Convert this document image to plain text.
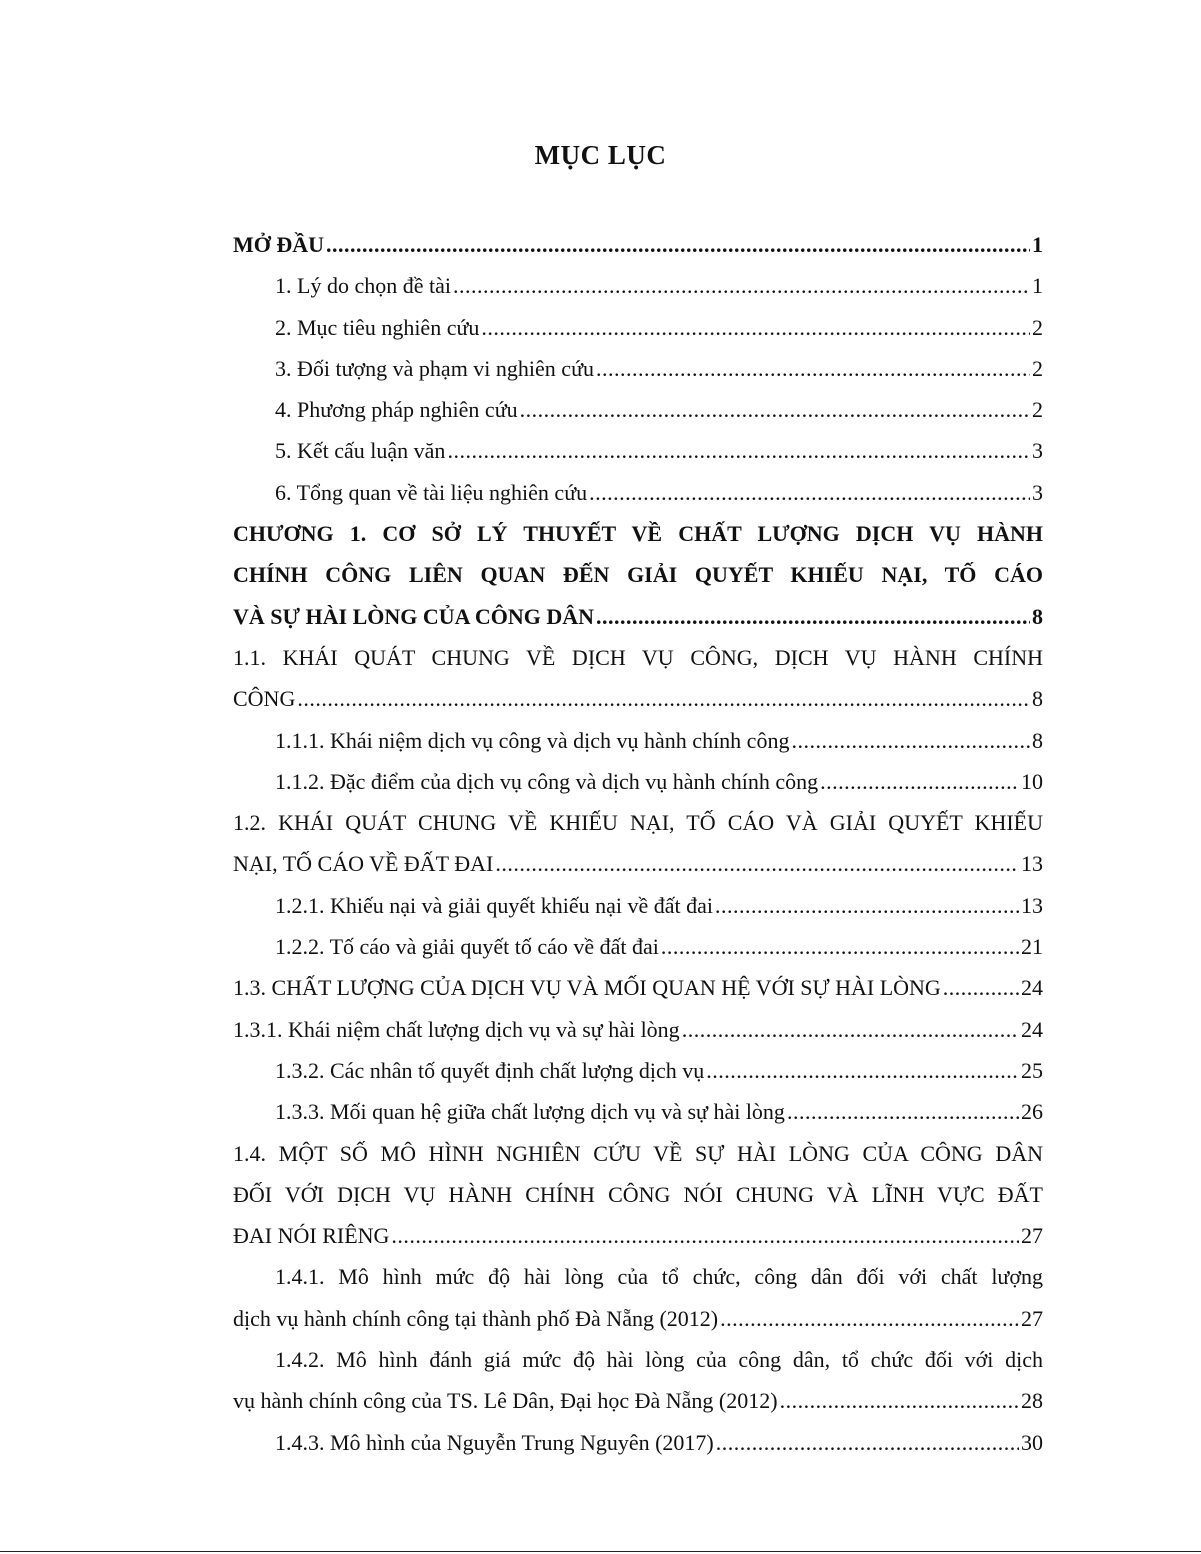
MỤC LỤC
MỞ ĐẦU .....	1
1. Lý do chọn đề tài .....	1
2. Mục tiêu nghiên cứu .....	2
3. Đối tượng và phạm vi nghiên cứu .....	2
4. Phương pháp nghiên cứu .....	2
5. Kết cấu luận văn .....	3
6. Tổng quan về tài liệu nghiên cứu .....	3
CHƯƠNG 1. CƠ SỞ LÝ THUYẾT VỀ CHẤT LƯỢNG DỊCH VỤ HÀNH
CHÍNH CÔNG LIÊN QUAN ĐẾN GIẢI QUYẾT KHIẾU NẠI, TỐ CÁO
VÀ SỰ HÀI LÒNG CỦA CÔNG DÂN .....	8
1.1. KHÁI QUÁT CHUNG VỀ DỊCH VỤ CÔNG, DỊCH VỤ HÀNH CHÍNH
CÔNG .....	8
1.1.1. Khái niệm dịch vụ công và dịch vụ hành chính công .....	8
1.1.2. Đặc điểm của dịch vụ công và dịch vụ hành chính công .....	10
1.2. KHÁI QUÁT CHUNG VỀ KHIẾU NẠI, TỐ CÁO VÀ GIẢI QUYẾT KHIẾU
NẠI, TỐ CÁO VỀ ĐẤT ĐAI .....	13
1.2.1. Khiếu nại và giải quyết khiếu nại về đất đai .....	13
1.2.2. Tố cáo và giải quyết tố cáo về đất đai .....	21
1.3. CHẤT LƯỢNG CỦA DỊCH VỤ VÀ MỐI QUAN HỆ VỚI SỰ HÀI LÒNG .....	24
1.3.1. Khái niệm chất lượng dịch vụ và sự hài lòng .....	24
1.3.2. Các nhân tố quyết định chất lượng dịch vụ .....	25
1.3.3. Mối quan hệ giữa chất lượng dịch vụ và sự hài lòng .....	26
1.4. MỘT SỐ MÔ HÌNH NGHIÊN CỨU VỀ SỰ HÀI LÒNG CỦA CÔNG DÂN
ĐỐI VỚI DỊCH VỤ HÀNH CHÍNH CÔNG NÓI CHUNG VÀ LĨNH VỰC ĐẤT
ĐAI NÓI RIÊNG .....	27
1.4.1. Mô hình mức độ hài lòng của tổ chức, công dân đối với chất lượng
dịch vụ hành chính công tại thành phố Đà Nẵng (2012) .....	27
1.4.2. Mô hình đánh giá mức độ hài lòng của công dân, tổ chức đối với dịch
vụ hành chính công của TS. Lê Dân, Đại học Đà Nẵng (2012) .....	28
1.4.3. Mô hình của Nguyễn Trung Nguyên (2017) .....	30
